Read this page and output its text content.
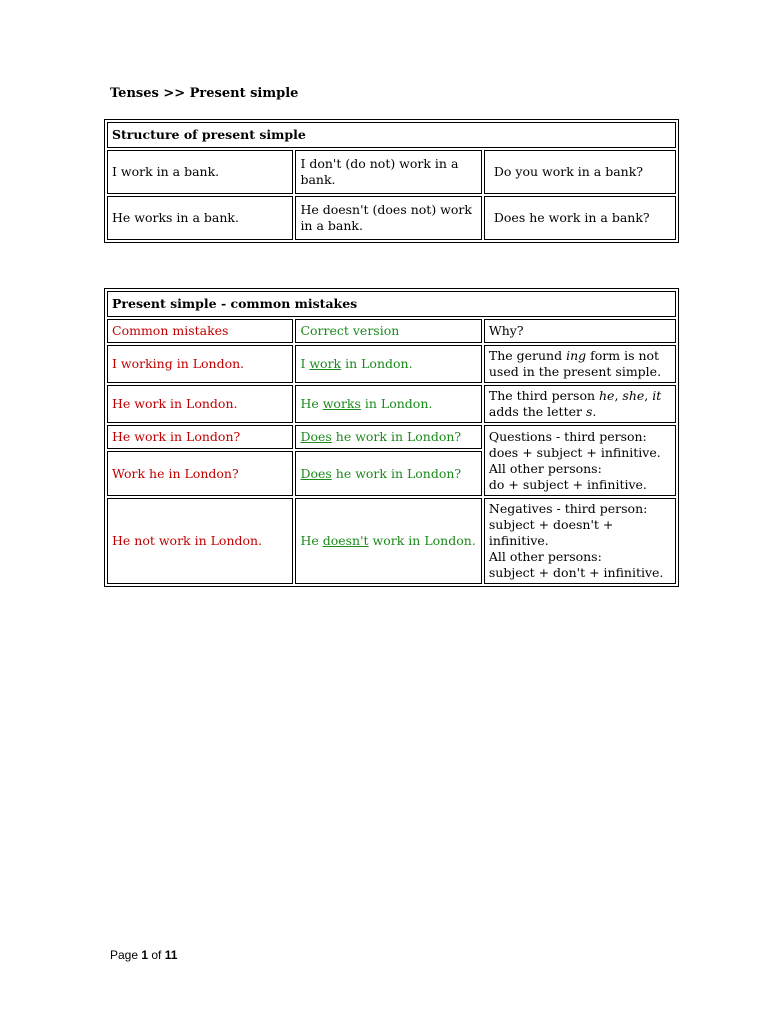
Tenses >> Present simple
Structure of present simple		
I work in a bank.	I don't (do not) work in a bank.	Do you work in a bank?
He works in a bank.	He doesn't (does not) work in a bank.	Does he work in a bank?
Present simple - common mistakes		
Common mistakes	Correct version	Why?
I working in London.	I work in London.	The gerund ing form is not used in the present simple.
He work in London.	He works in London.	The third person he, she, it adds the letter s.
He work in London?	Does he work in London?	Questions - third person:
does + subject + infinitive.
All other persons:
do + subject + infinitive.

Work he in London?	Does he work in London?	
He not work in London.	He doesn't work in London.	Negatives - third person:
subject + doesn't + infinitive.
All other persons:
subject + don't + infinitive.
Page 1 of 11
